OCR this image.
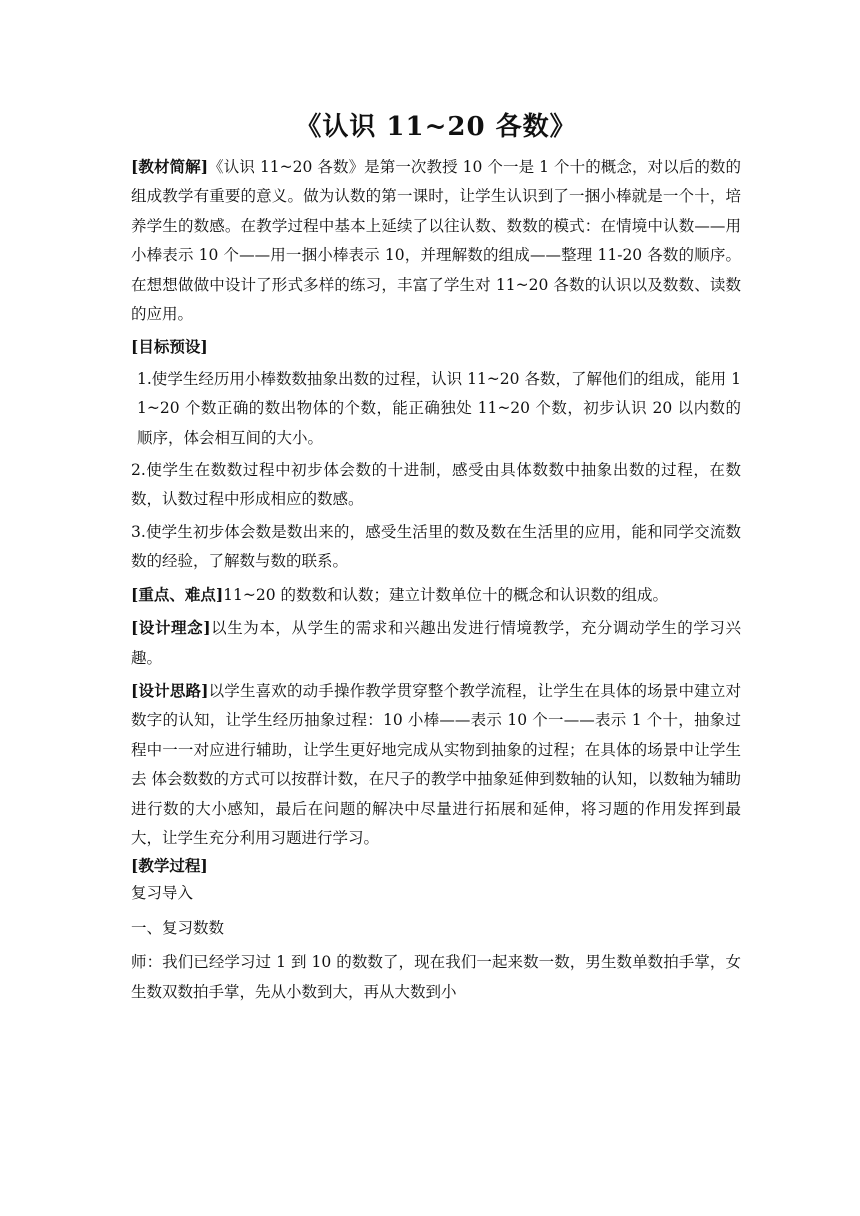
《认识 11~20 各数》

[教材简解]《认识 11~20 各数》是第一次教授 10 个一是 1 个十的概念，对以后的数的组成教学有重要的意义。做为认数的第一课时，让学生认识到了一捆小棒就是一个十，培养学生的数感。在教学过程中基本上延续了以往认数、数数的模式：在情境中认数——用小棒表示 10 个——用一捆小棒表示 10，并理解数的组成——整理 11-20 各数的顺序。在想想做做中设计了形式多样的练习，丰富了学生对 11~20 各数的认识以及数数、读数的应用。

[目标预设]

1.使学生经历用小棒数数抽象出数的过程，认识 11~20 各数，了解他们的组成，能用 11~20 个数正确的数出物体的个数，能正确独处 11~20 个数，初步认识 20 以内数的顺序，体会相互间的大小。

2.使学生在数数过程中初步体会数的十进制，感受由具体数数中抽象出数的过程，在数数，认数过程中形成相应的数感。

3.使学生初步体会数是数出来的，感受生活里的数及数在生活里的应用，能和同学交流数数的经验，了解数与数的联系。

[重点、难点]11~20 的数数和认数；建立计数单位十的概念和认识数的组成。

[设计理念]以生为本，从学生的需求和兴趣出发进行情境教学，充分调动学生的学习兴趣。

[设计思路]以学生喜欢的动手操作教学贯穿整个教学流程，让学生在具体的场景中建立对数字的认知，让学生经历抽象过程：10 小棒——表示 10 个一——表示 1 个十，抽象过程中一一对应进行辅助，让学生更好地完成从实物到抽象的过程；在具体的场景中让学生去 体会数数的方式可以按群计数，在尺子的教学中抽象延伸到数轴的认知，以数轴为辅助进行数的大小感知，最后在问题的解决中尽量进行拓展和延伸，将习题的作用发挥到最大，让学生充分利用习题进行学习。

[教学过程]

复习导入

一、复习数数

师：我们已经学习过 1 到 10 的数数了，现在我们一起来数一数，男生数单数拍手掌，女生数双数拍手掌，先从小数到大，再从大数到小
